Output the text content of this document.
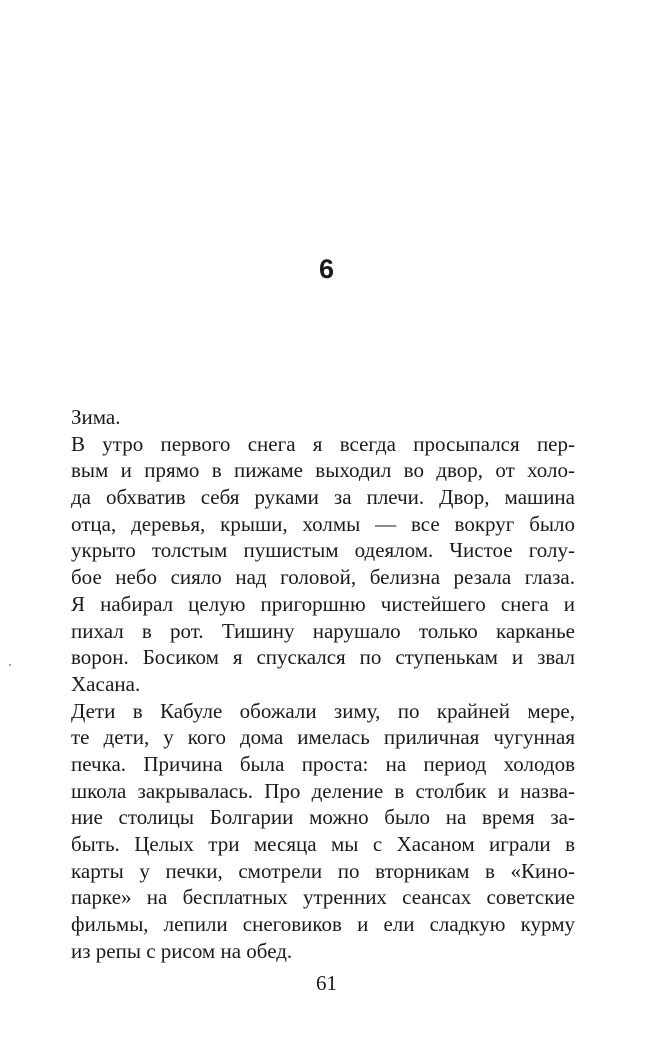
6
Зима.
В утро первого снега я всегда просыпался пер-
вым и прямо в пижаме выходил во двор, от холо-
да обхватив себя руками за плечи. Двор, машина
отца, деревья, крыши, холмы — все вокруг было
укрыто толстым пушистым одеялом. Чистое голу-
бое небо сияло над головой, белизна резала глаза.
Я набирал целую пригоршню чистейшего снега и
пихал в рот. Тишину нарушало только карканье
ворон. Босиком я спускался по ступенькам и звал
Хасана.
Дети в Кабуле обожали зиму, по крайней мере,
те дети, у кого дома имелась приличная чугунная
печка. Причина была проста: на период холодов
школа закрывалась. Про деление в столбик и назва-
ние столицы Болгарии можно было на время за-
быть. Целых три месяца мы с Хасаном играли в
карты у печки, смотрели по вторникам в «Кино-
парке» на бесплатных утренних сеансах советские
фильмы, лепили снеговиков и ели сладкую курму
из репы с рисом на обед.
61
